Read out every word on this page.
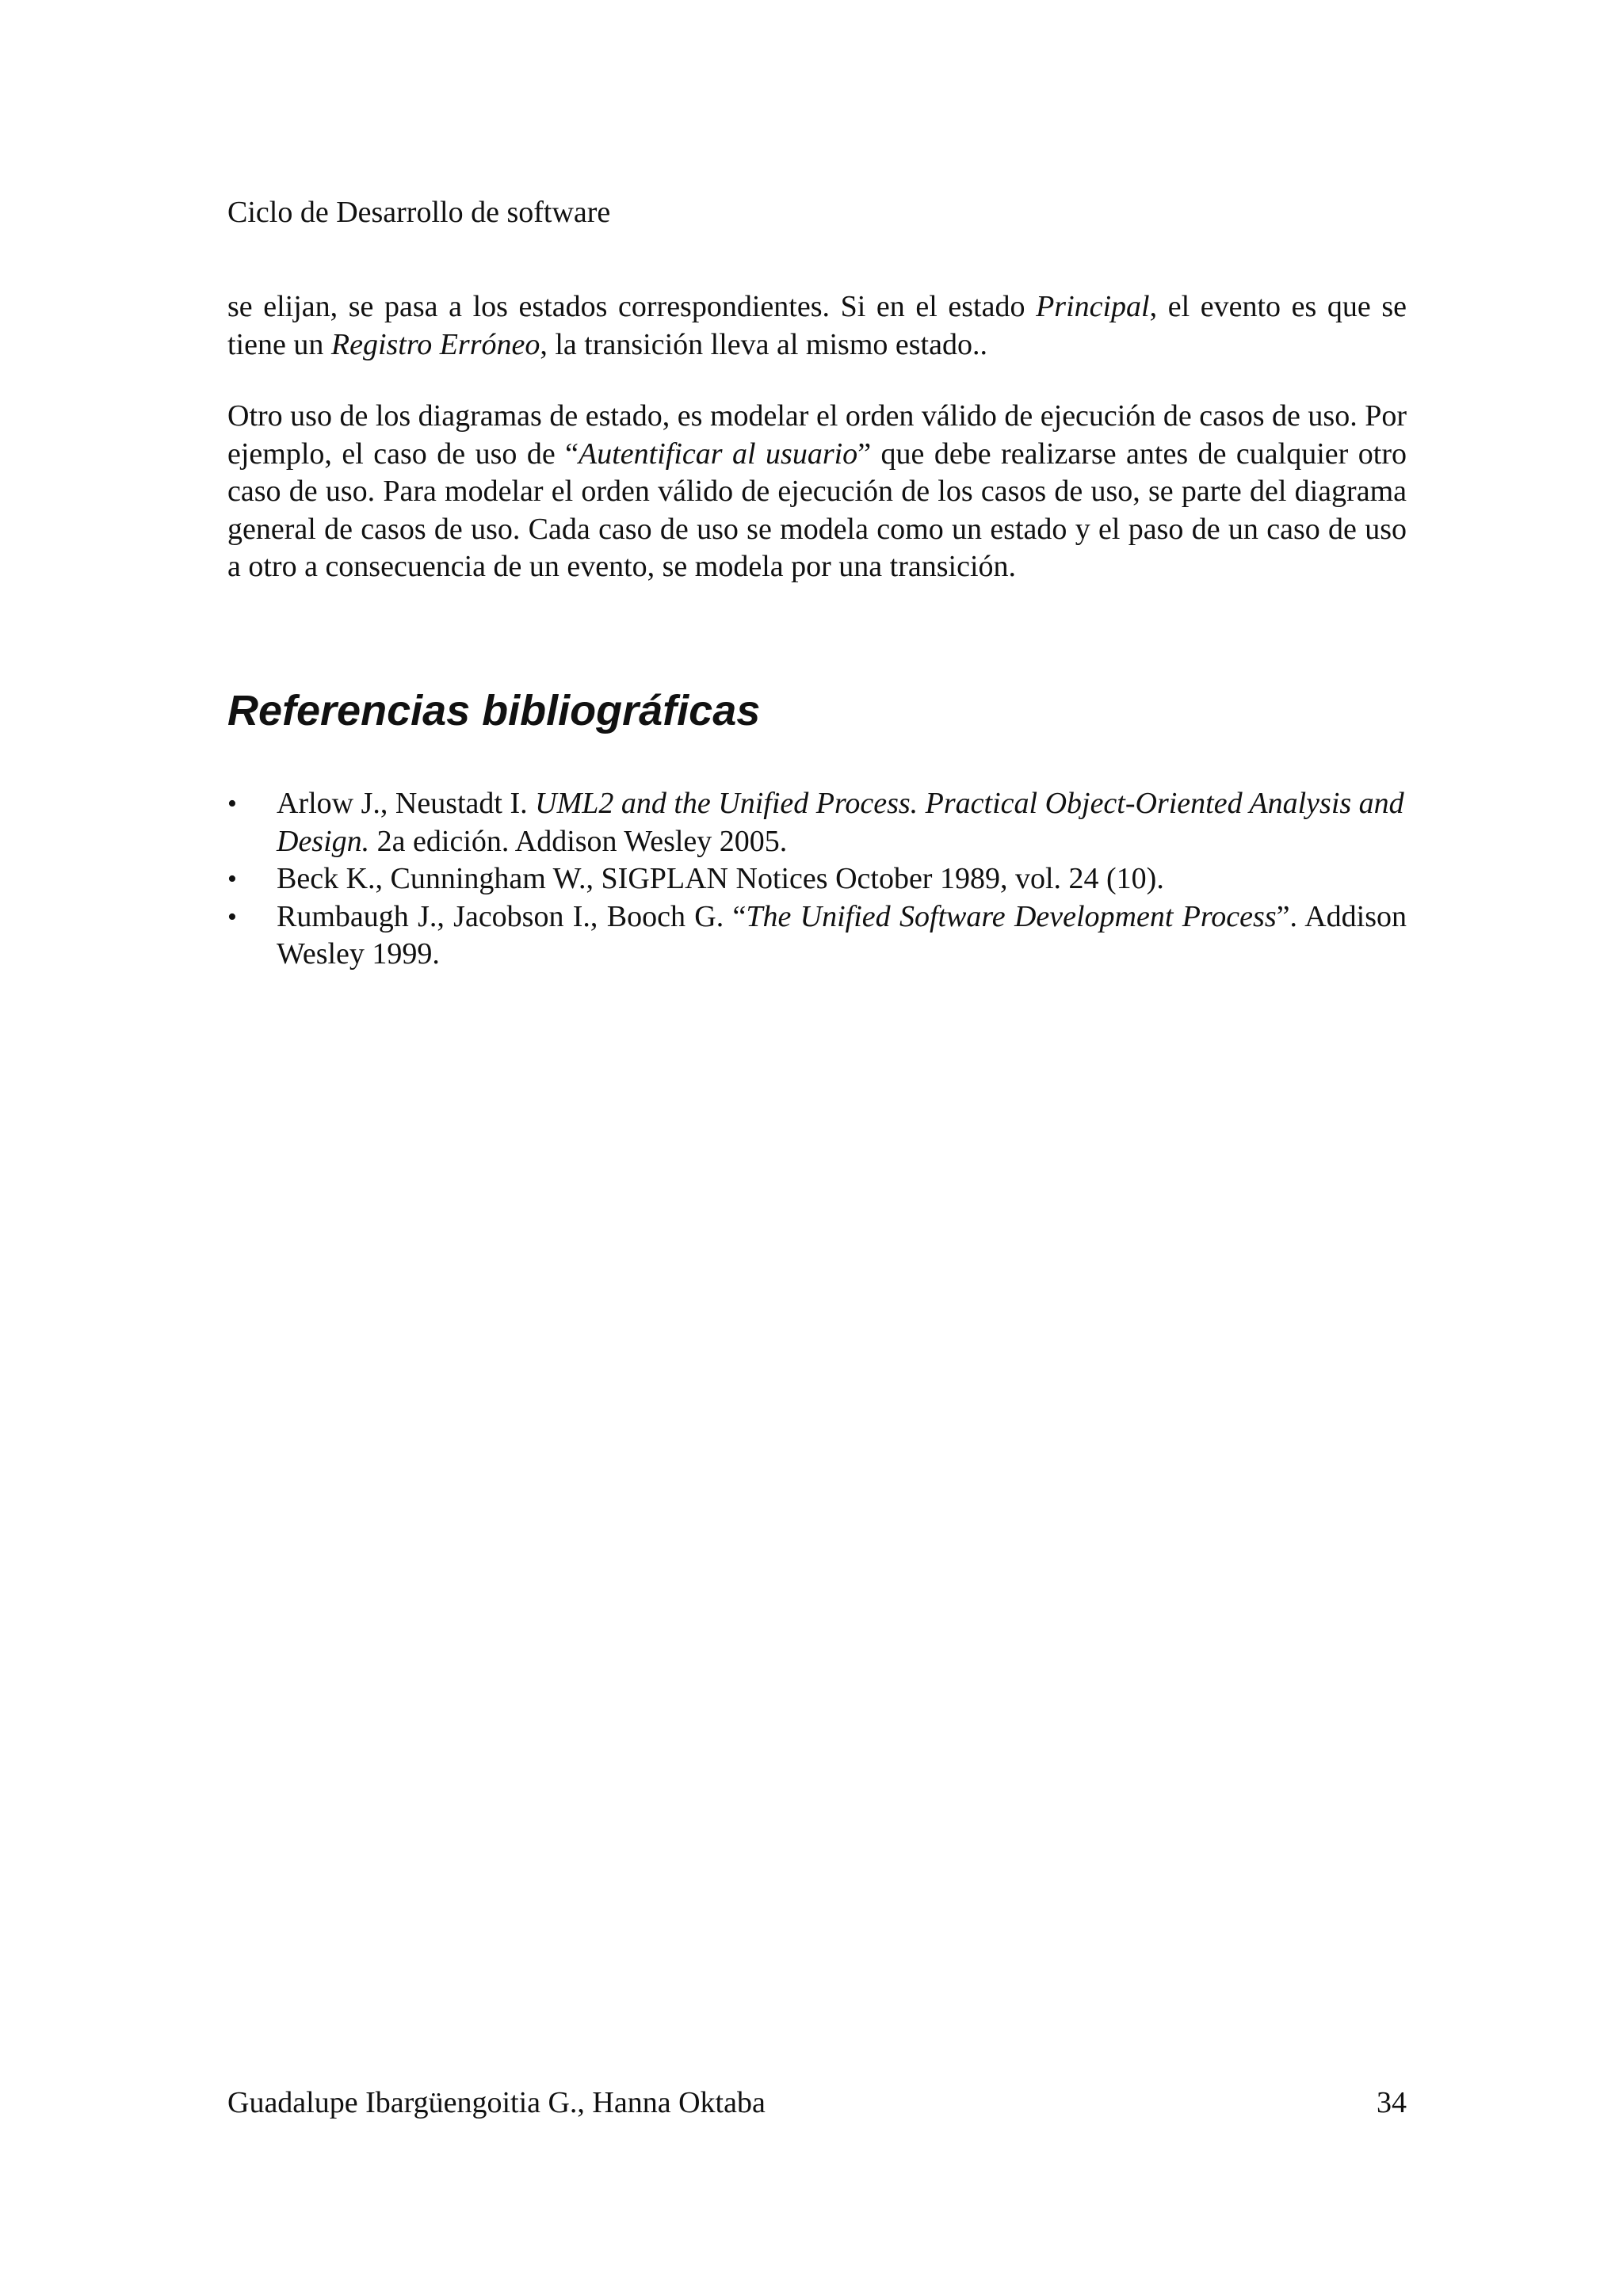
Ciclo de Desarrollo de software

se elijan, se pasa a los estados correspondientes. Si en el estado Principal, el evento es que se tiene un Registro Erróneo, la transición lleva al mismo estado..

Otro uso de los diagramas de estado, es modelar el orden válido de ejecución de casos de uso. Por ejemplo, el caso de uso de “Autentificar al usuario” que debe realizarse antes de cualquier otro caso de uso. Para modelar el orden válido de ejecución de los casos de uso, se parte del diagrama general de casos de uso. Cada caso de uso se modela como un estado y el paso de un caso de uso a otro a consecuencia de un evento, se modela por una transición.

Referencias bibliográficas
• Arlow J., Neustadt I. UML2 and the Unified Process. Practical Object-Oriented Analysis and Design. 2a edición. Addison Wesley 2005.
• Beck K., Cunningham W., SIGPLAN Notices October 1989, vol. 24 (10).
• Rumbaugh J., Jacobson I., Booch G. “The Unified Software Development Process”. Addison Wesley 1999.
Guadalupe Ibargüengoitia G., Hanna Oktaba	34
